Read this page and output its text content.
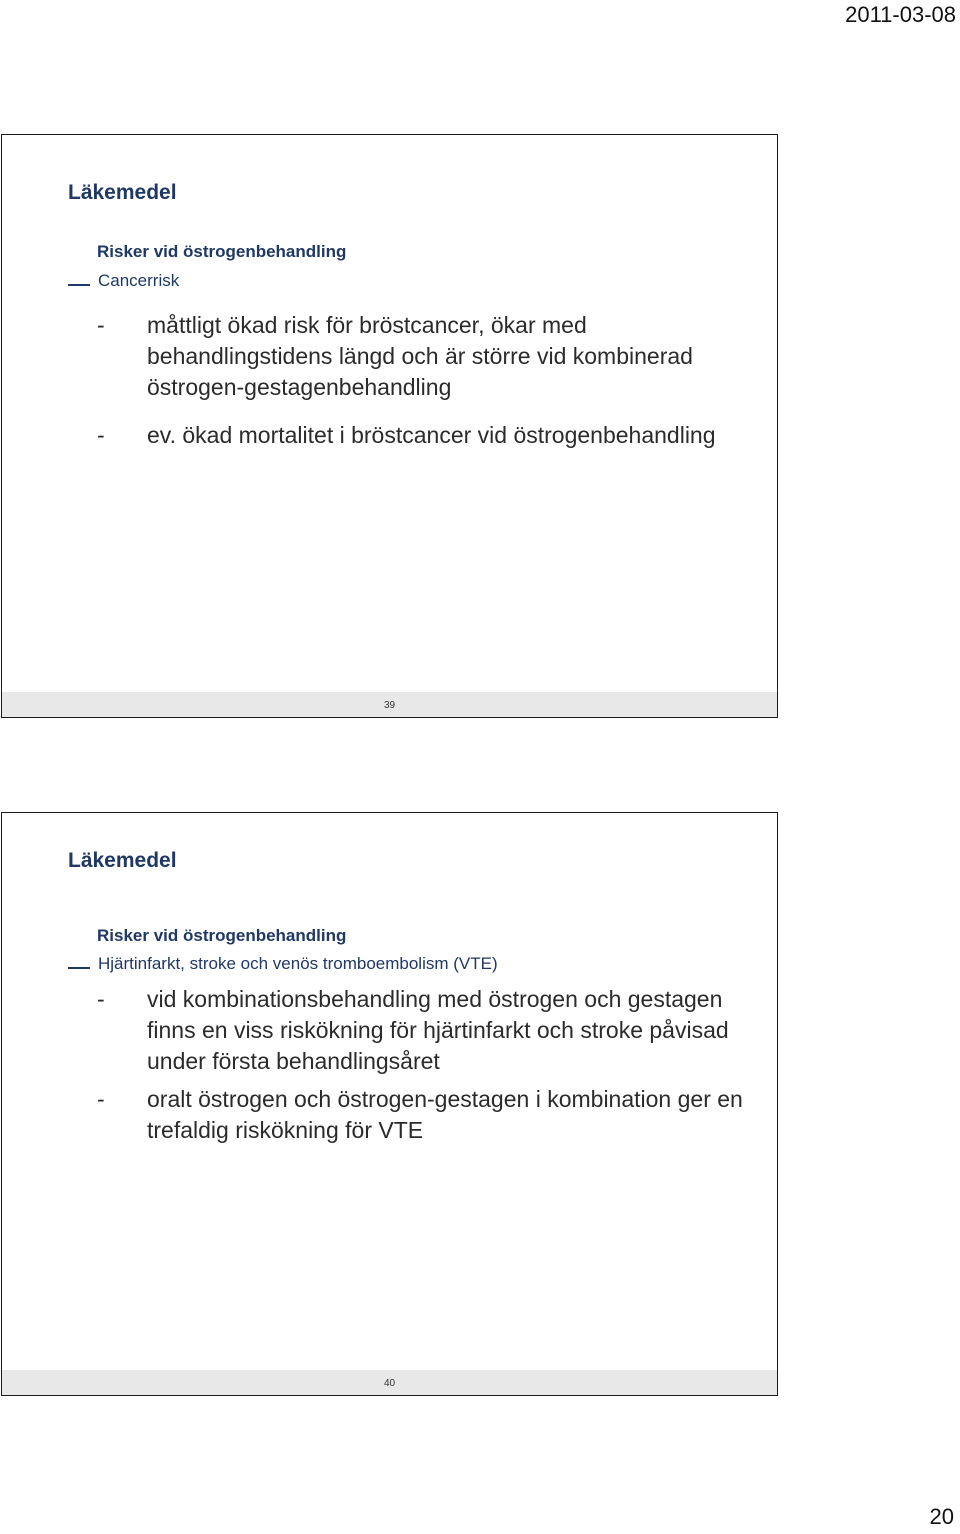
2011-03-08
Läkemedel
Risker vid östrogenbehandling
Cancerrisk
-	måttligt ökad risk för bröstcancer, ökar med behandlingstidens längd och är större vid kombinerad östrogen-gestagenbehandling
-	ev. ökad mortalitet i bröstcancer vid östrogenbehandling
39
Läkemedel
Risker vid östrogenbehandling
Hjärtinfarkt, stroke och venös tromboembolism (VTE)
-	vid kombinationsbehandling med östrogen och gestagen finns en viss riskökning för hjärtinfarkt och stroke påvisad under första behandlingsåret
-	oralt östrogen och östrogen-gestagen i kombination ger en trefaldig riskökning för VTE
40
20
